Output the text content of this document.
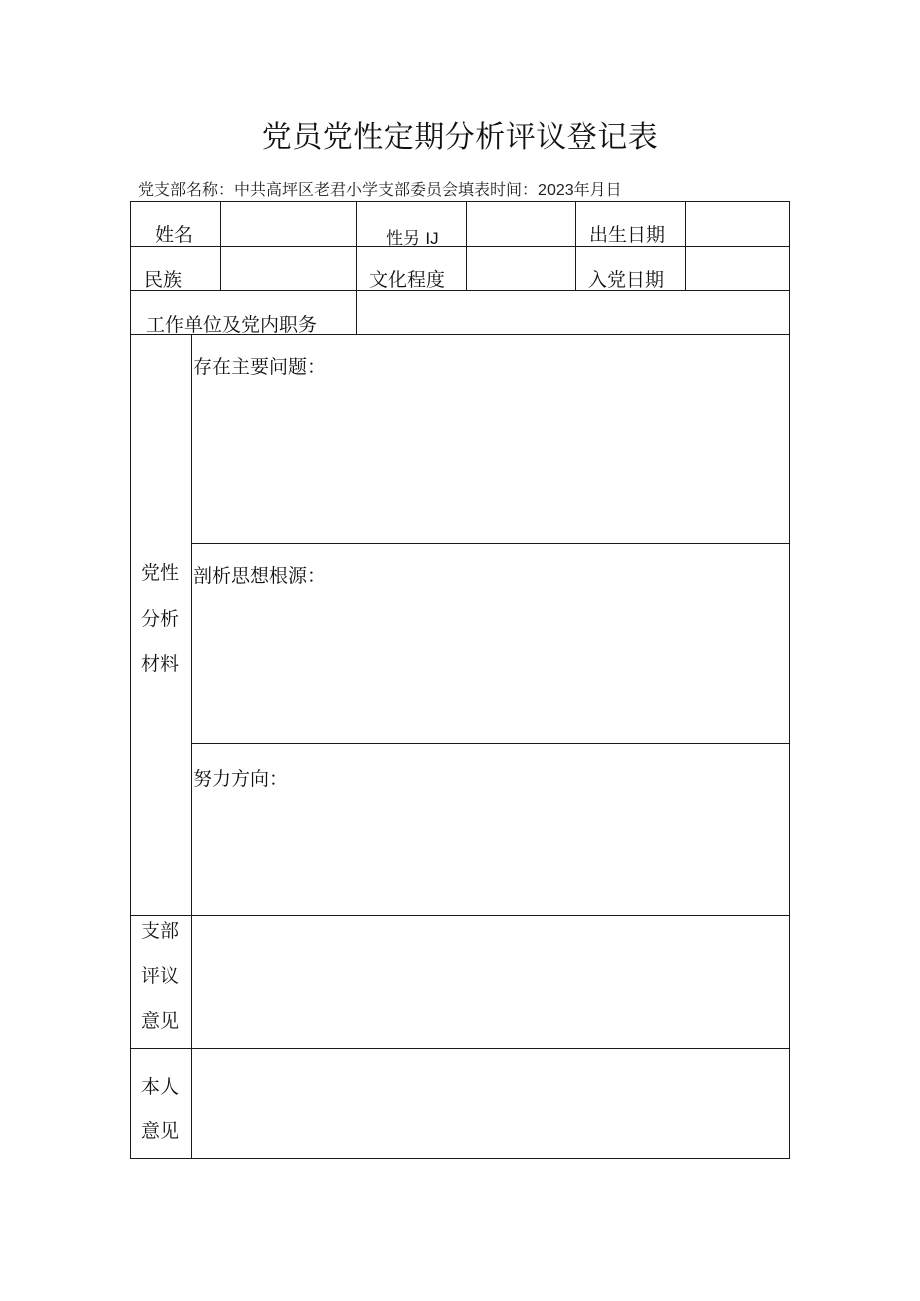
党员党性定期分析评议登记表
党支部名称：中共高坪区老君小学支部委员会填表时间：2023年月日
姓名	性另 IJ	出生日期
民族	文化程度	入党日期
工作单位及党内职务
党性
分析
材料
存在主要问题：
剖析思想根源：
努力方向：
支部
评议
意见
本人
意见
